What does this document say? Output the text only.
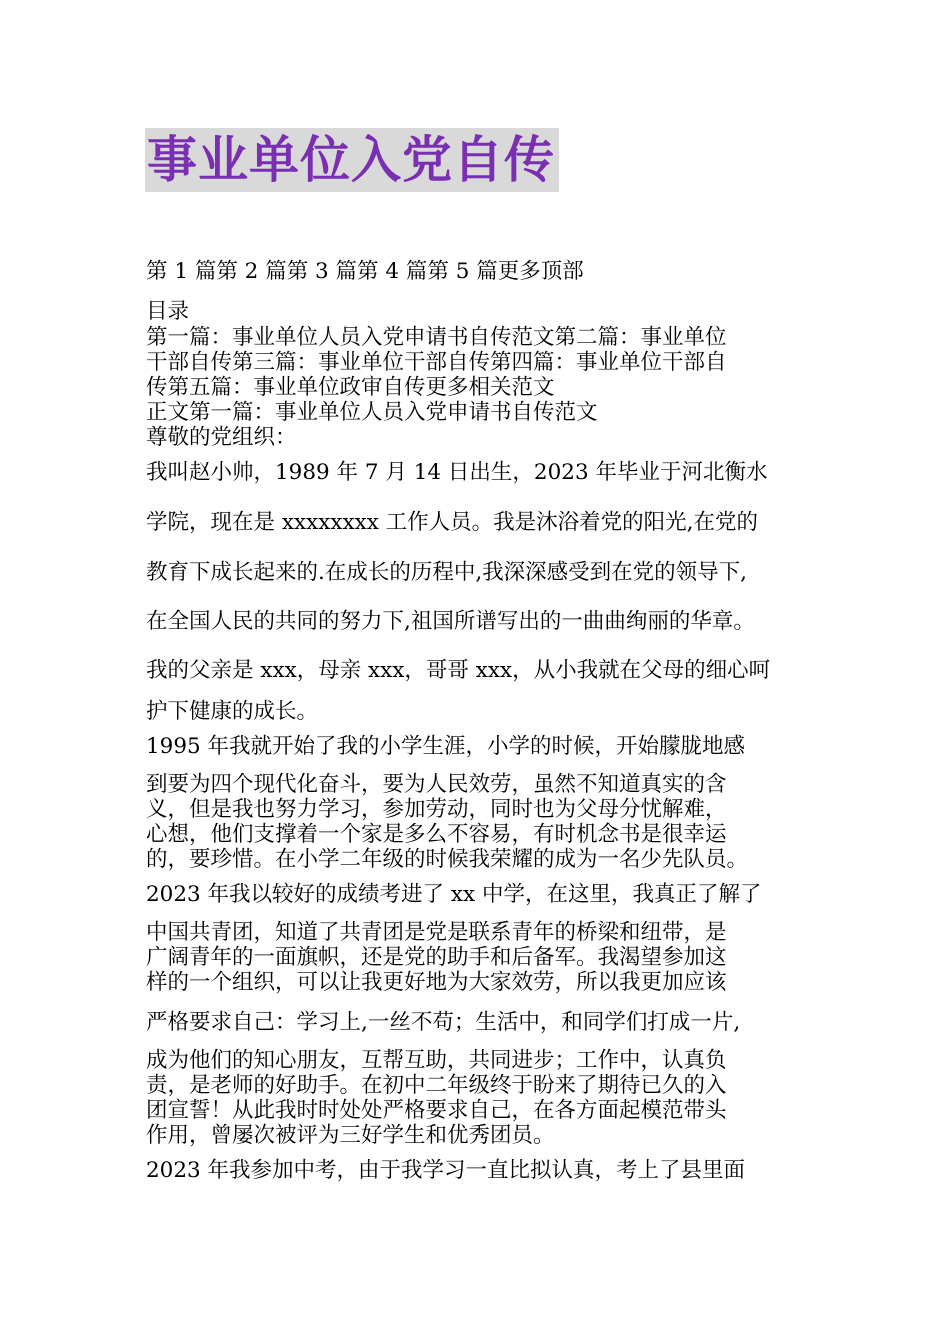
事业单位入党自传
第 1 篇第 2 篇第 3 篇第 4 篇第 5 篇更多顶部
目录
第一篇：事业单位人员入党申请书自传范文第二篇：事业单位
干部自传第三篇：事业单位干部自传第四篇：事业单位干部自
传第五篇：事业单位政审自传更多相关范文
正文第一篇：事业单位人员入党申请书自传范文
尊敬的党组织：
我叫赵小帅，1989 年 7 月 14 日出生，2023 年毕业于河北衡水
学院，现在是 xxxxxxxx 工作人员。我是沐浴着党的阳光,在党的
教育下成长起来的.在成长的历程中,我深深感受到在党的领导下,
在全国人民的共同的努力下,祖国所谱写出的一曲曲绚丽的华章。
我的父亲是 xxx，母亲 xxx，哥哥 xxx，从小我就在父母的细心呵
护下健康的成长。
1995 年我就开始了我的小学生涯，小学的时候，开始朦胧地感
到要为四个现代化奋斗，要为人民效劳，虽然不知道真实的含
义，但是我也努力学习，参加劳动，同时也为父母分忧解难，
心想，他们支撑着一个家是多么不容易，有时机念书是很幸运
的，要珍惜。在小学二年级的时候我荣耀的成为一名少先队员。
2023 年我以较好的成绩考进了 xx 中学，在这里，我真正了解了
中国共青团，知道了共青团是党是联系青年的桥梁和纽带，是
广阔青年的一面旗帜，还是党的助手和后备军。我渴望参加这
样的一个组织，可以让我更好地为大家效劳，所以我更加应该
严格要求自己：学习上,一丝不苟；生活中，和同学们打成一片,
成为他们的知心朋友，互帮互助，共同进步；工作中，认真负
责，是老师的好助手。在初中二年级终于盼来了期待已久的入
团宣誓！从此我时时处处严格要求自己，在各方面起模范带头
作用，曾屡次被评为三好学生和优秀团员。
2023 年我参加中考，由于我学习一直比拟认真，考上了县里面
